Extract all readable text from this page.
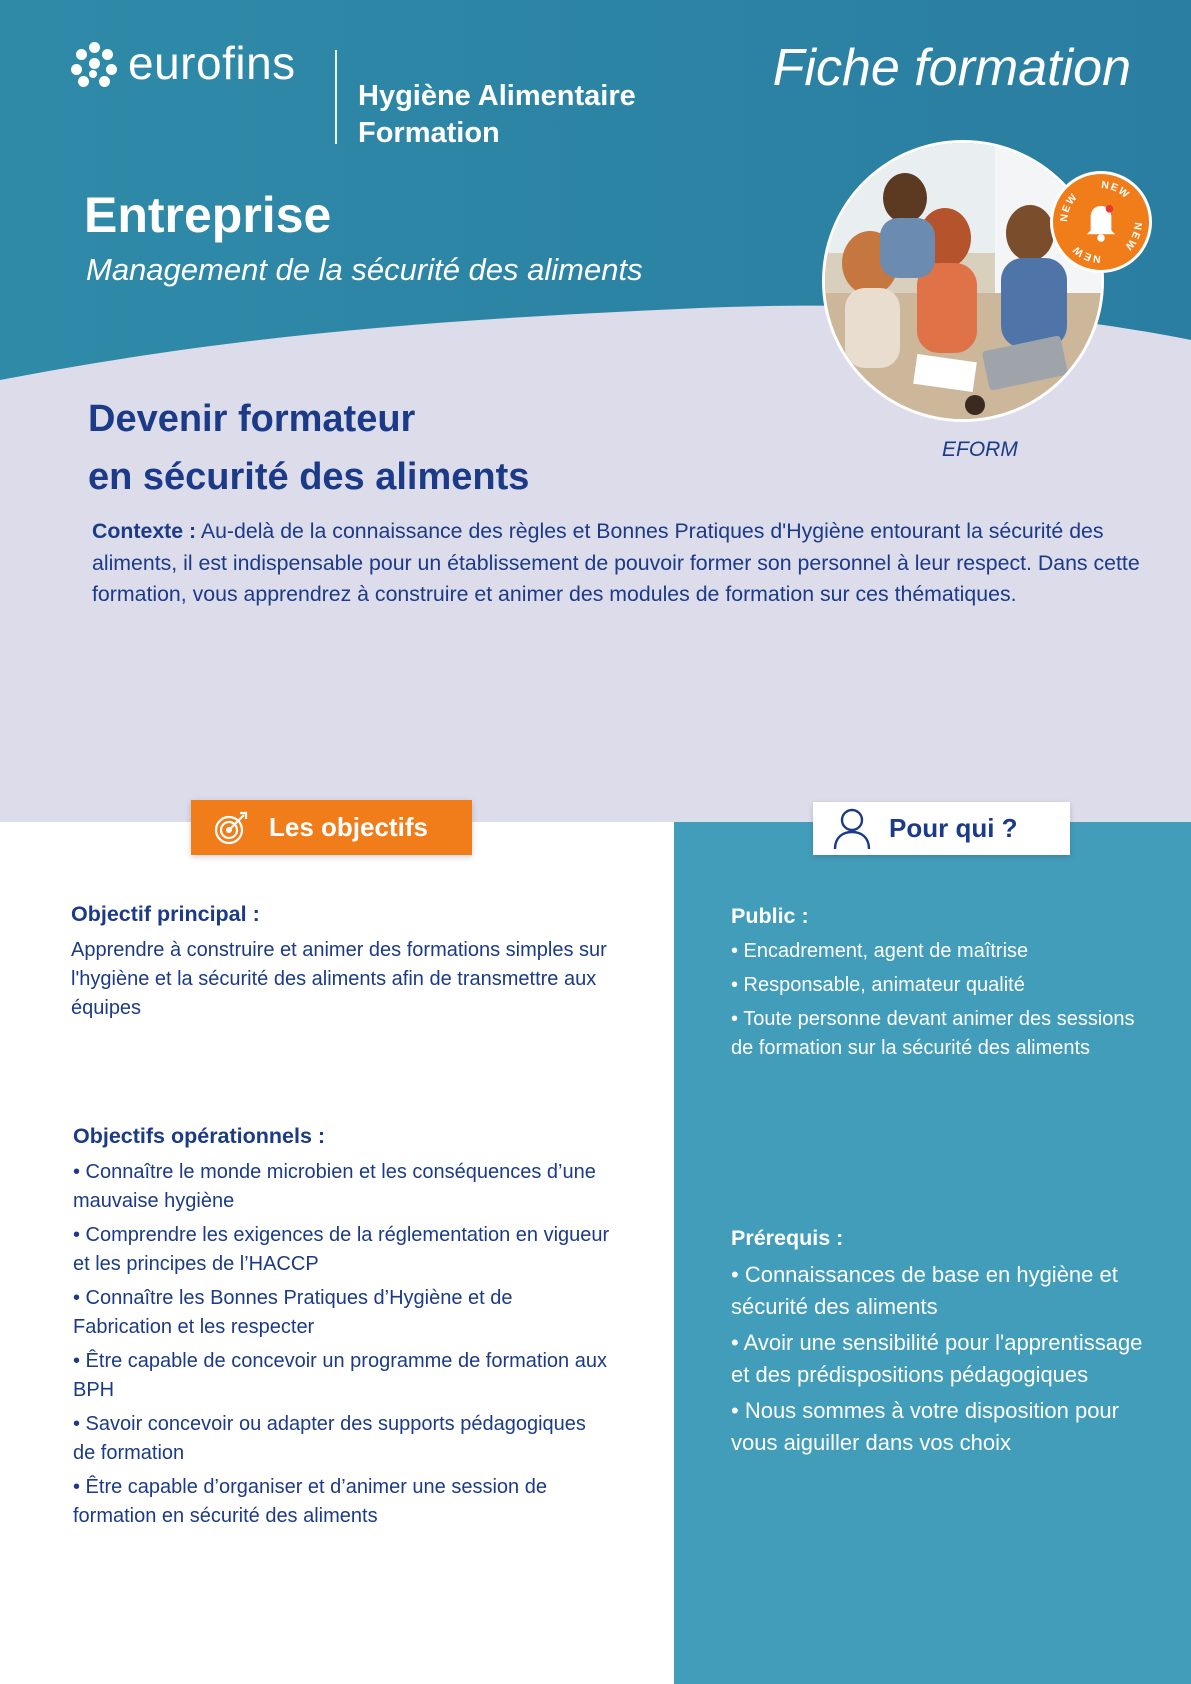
eurofins
Hygiène Alimentaire
Formation
Fiche formation
Entreprise
Management de la sécurité des aliments
NEW
NEW
NEW
NEW
EFORM
Devenir formateur
en sécurité des aliments
Contexte : Au-delà de la connaissance des règles et Bonnes Pratiques d'Hygiène entourant la sécurité des aliments, il est indispensable pour un établissement de pouvoir former son personnel à leur respect. Dans cette formation, vous apprendrez à construire et animer des modules de formation sur ces thématiques.
Les objectifs	Pour qui ?
Objectif principal :
Apprendre à construire et animer des formations simples sur l'hygiène et la sécurité des aliments afin de transmettre aux équipes
Objectifs opérationnels :
• Connaître le monde microbien et les conséquences d’une mauvaise hygiène
• Comprendre les exigences de la réglementation en vigueur et les principes de l’HACCP
• Connaître les Bonnes Pratiques d’Hygiène et de Fabrication et les respecter
• Être capable de concevoir un programme de formation aux BPH
• Savoir concevoir ou adapter des supports pédagogiques de formation
• Être capable d’organiser et d’animer une session de formation en sécurité des aliments
Public :
• Encadrement, agent de maîtrise
• Responsable, animateur qualité
• Toute personne devant animer des sessions de formation sur la sécurité des aliments
Prérequis :
• Connaissances de base en hygiène et sécurité des aliments
• Avoir une sensibilité pour l'apprentissage et des prédispositions pédagogiques
• Nous sommes à votre disposition pour vous aiguiller dans vos choix
